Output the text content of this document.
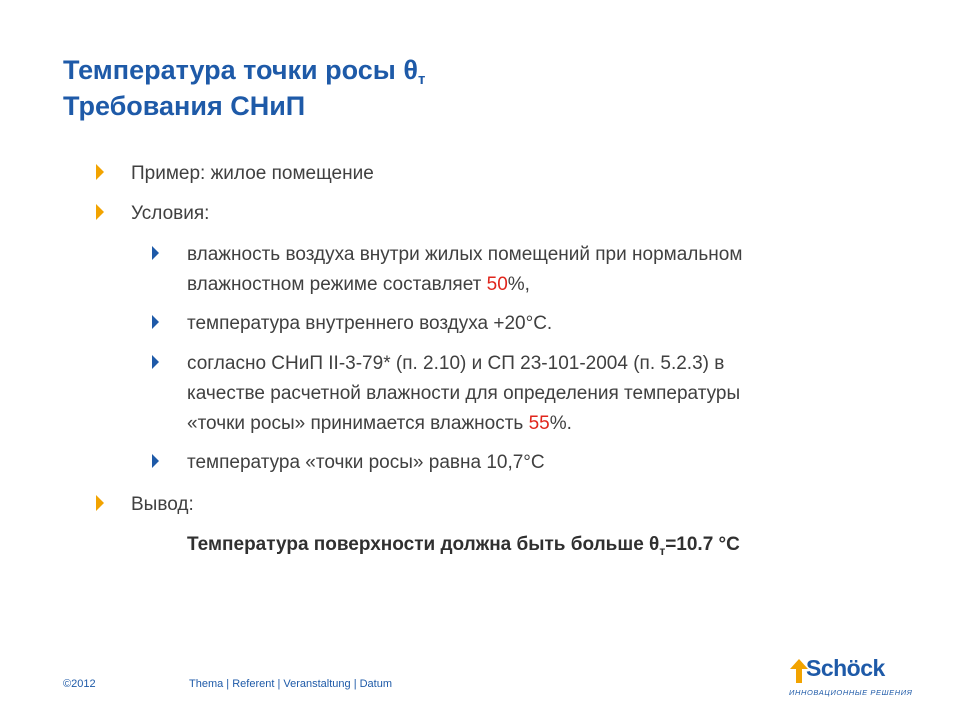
Температура точки росы $\theta_т$
Требования СНиП
Пример: жилое помещение
Условия:
влажность воздуха внутри жилых помещений при нормальном
влажностном режиме составляет 50%,
температура внутреннего воздуха +20°С.
согласно СНиП II-3-79* (п. 2.10) и СП 23-101-2004 (п. 5.2.3) в
качестве расчетной влажности для определения температуры
«точки росы» принимается влажность 55%.
температура «точки росы» равна 10,7°С
Вывод:
Температура поверхности должна быть больше $\theta_т=10.7$ °C
©2012	Thema | Referent | Veranstaltung | Datum
Schöck
ИННОВАЦИОННЫЕ РЕШЕНИЯ
